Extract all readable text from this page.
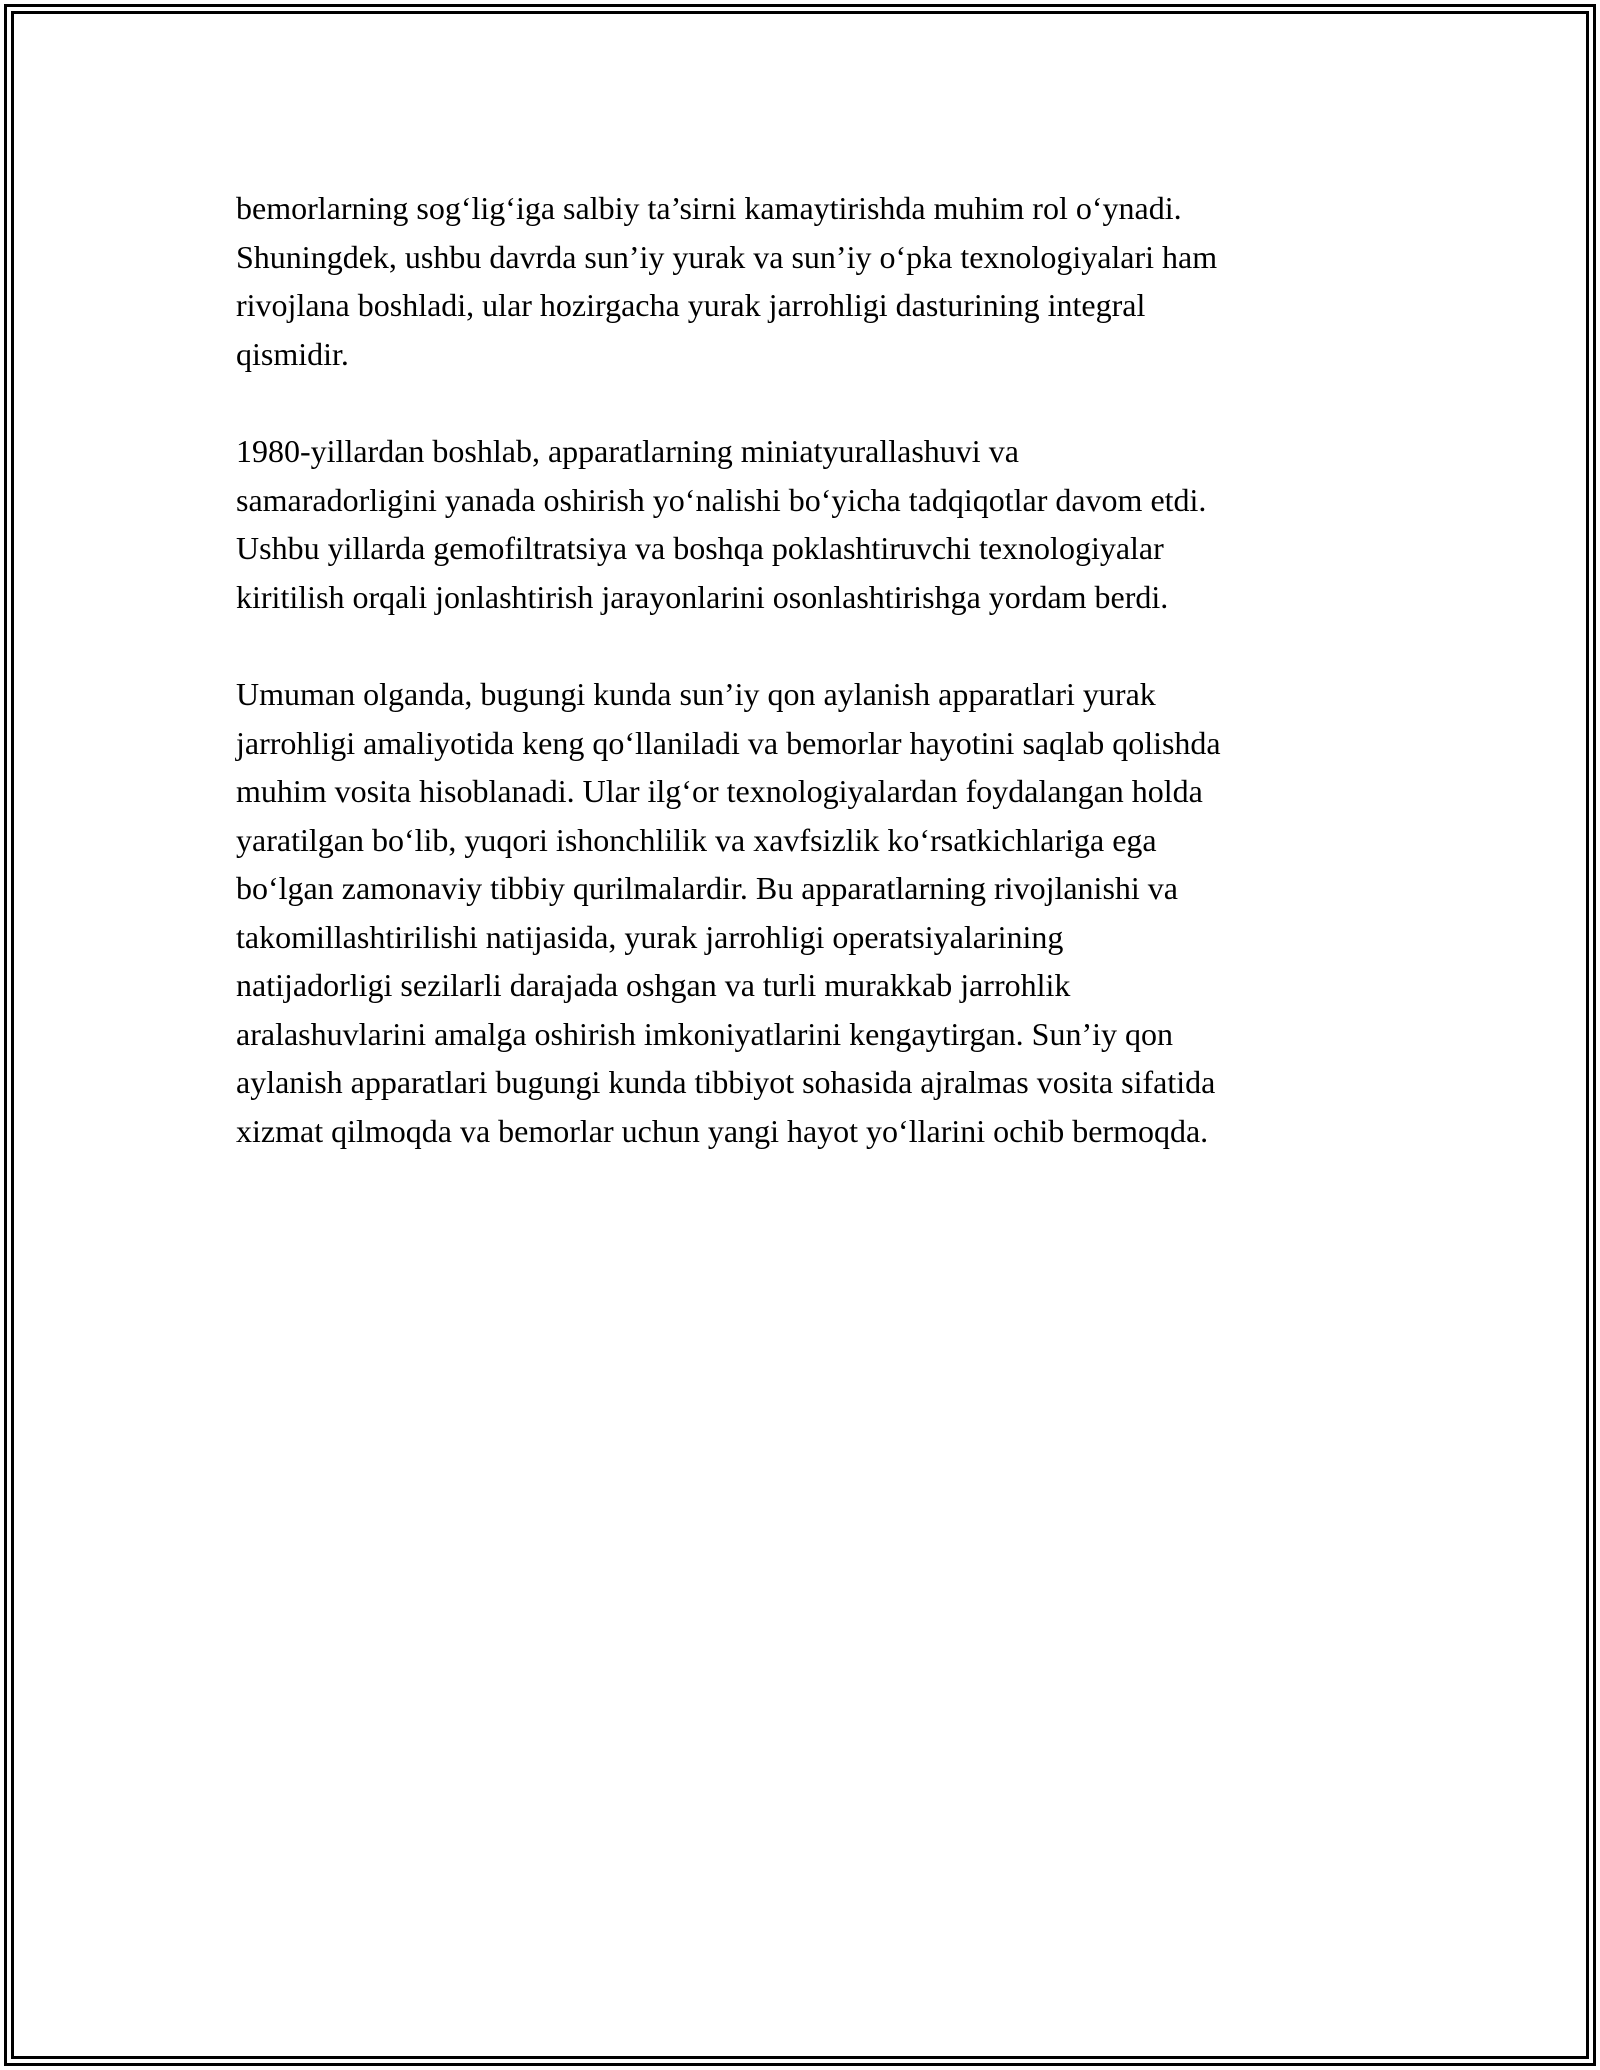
bemorlarning sog‘lig‘iga salbiy ta’sirni kamaytirishda muhim rol o‘ynadi.
Shuningdek, ushbu davrda sun’iy yurak va sun’iy o‘pka texnologiyalari ham
rivojlana boshladi, ular hozirgacha yurak jarrohligi dasturining integral
qismidir.

1980-yillardan boshlab, apparatlarning miniatyurallashuvi va
samaradorligini yanada oshirish yo‘nalishi bo‘yicha tadqiqotlar davom etdi.
Ushbu yillarda gemofiltratsiya va boshqa poklashtiruvchi texnologiyalar
kiritilish orqali jonlashtirish jarayonlarini osonlashtirishga yordam berdi.

Umuman olganda, bugungi kunda sun’iy qon aylanish apparatlari yurak
jarrohligi amaliyotida keng qo‘llaniladi va bemorlar hayotini saqlab qolishda
muhim vosita hisoblanadi. Ular ilg‘or texnologiyalardan foydalangan holda
yaratilgan bo‘lib, yuqori ishonchlilik va xavfsizlik ko‘rsatkichlariga ega
bo‘lgan zamonaviy tibbiy qurilmalardir. Bu apparatlarning rivojlanishi va
takomillashtirilishi natijasida, yurak jarrohligi operatsiyalarining
natijadorligi sezilarli darajada oshgan va turli murakkab jarrohlik
aralashuvlarini amalga oshirish imkoniyatlarini kengaytirgan. Sun’iy qon
aylanish apparatlari bugungi kunda tibbiyot sohasida ajralmas vosita sifatida
xizmat qilmoqda va bemorlar uchun yangi hayot yo‘llarini ochib bermoqda.
